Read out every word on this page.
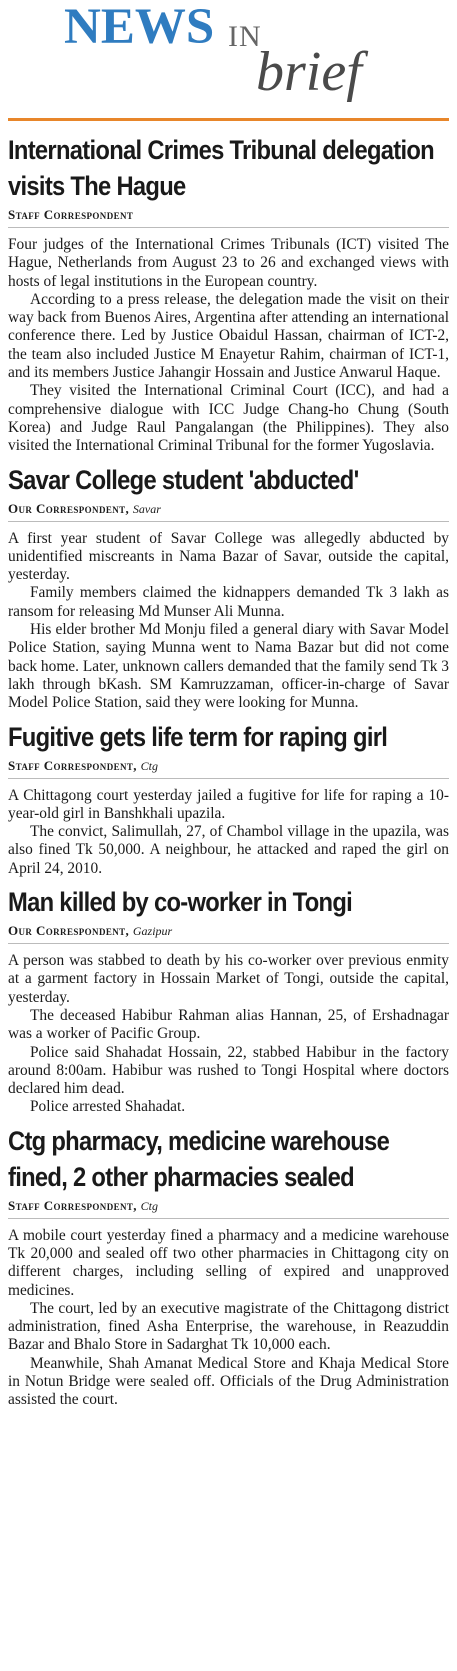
NEWS IN
brief
International Crimes Tribunal delegation visits The Hague
Staff Correspondent

Four judges of the International Crimes Tribunals (ICT) visited The Hague, Netherlands from August 23 to 26 and exchanged views with hosts of legal institutions in the European country.

According to a press release, the delegation made the visit on their way back from Buenos Aires, Argentina after attending an international conference there. Led by Justice Obaidul Hassan, chairman of ICT-2, the team also included Justice M Enayetur Rahim, chairman of ICT-1, and its members Justice Jahangir Hossain and Justice Anwarul Haque.

They visited the International Criminal Court (ICC), and had a comprehensive dialogue with ICC Judge Chang-ho Chung (South Korea) and Judge Raul Pangalangan (the Philippines). They also visited the International Criminal Tribunal for the former Yugoslavia.

Savar College student 'abducted'
Our Correspondent, Savar

A first year student of Savar College was allegedly abducted by unidentified miscreants in Nama Bazar of Savar, outside the capital, yesterday.

Family members claimed the kidnappers demanded Tk 3 lakh as ransom for releasing Md Munser Ali Munna.

His elder brother Md Monju filed a general diary with Savar Model Police Station, saying Munna went to Nama Bazar but did not come back home. Later, unknown callers demanded that the family send Tk 3 lakh through bKash. SM Kamruzzaman, officer-in-charge of Savar Model Police Station, said they were looking for Munna.

Fugitive gets life term for raping girl
Staff Correspondent, Ctg

A Chittagong court yesterday jailed a fugitive for life for raping a 10-year-old girl in Banshkhali upazila.

The convict, Salimullah, 27, of Chambol village in the upazila, was also fined Tk 50,000. A neighbour, he attacked and raped the girl on April 24, 2010.

Man killed by co-worker in Tongi
Our Correspondent, Gazipur

A person was stabbed to death by his co-worker over previous enmity at a garment factory in Hossain Market of Tongi, outside the capital, yesterday.

The deceased Habibur Rahman alias Hannan, 25, of Ershadnagar was a worker of Pacific Group.

Police said Shahadat Hossain, 22, stabbed Habibur in the factory around 8:00am. Habibur was rushed to Tongi Hospital where doctors declared him dead.

Police arrested Shahadat.

Ctg pharmacy, medicine warehouse fined, 2 other pharmacies sealed
Staff Correspondent, Ctg

A mobile court yesterday fined a pharmacy and a medicine warehouse Tk 20,000 and sealed off two other pharmacies in Chittagong city on different charges, including selling of expired and unapproved medicines.

The court, led by an executive magistrate of the Chittagong district administration, fined Asha Enterprise, the warehouse, in Reazuddin Bazar and Bhalo Store in Sadarghat Tk 10,000 each.

Meanwhile, Shah Amanat Medical Store and Khaja Medical Store in Notun Bridge were sealed off. Officials of the Drug Administration assisted the court.
